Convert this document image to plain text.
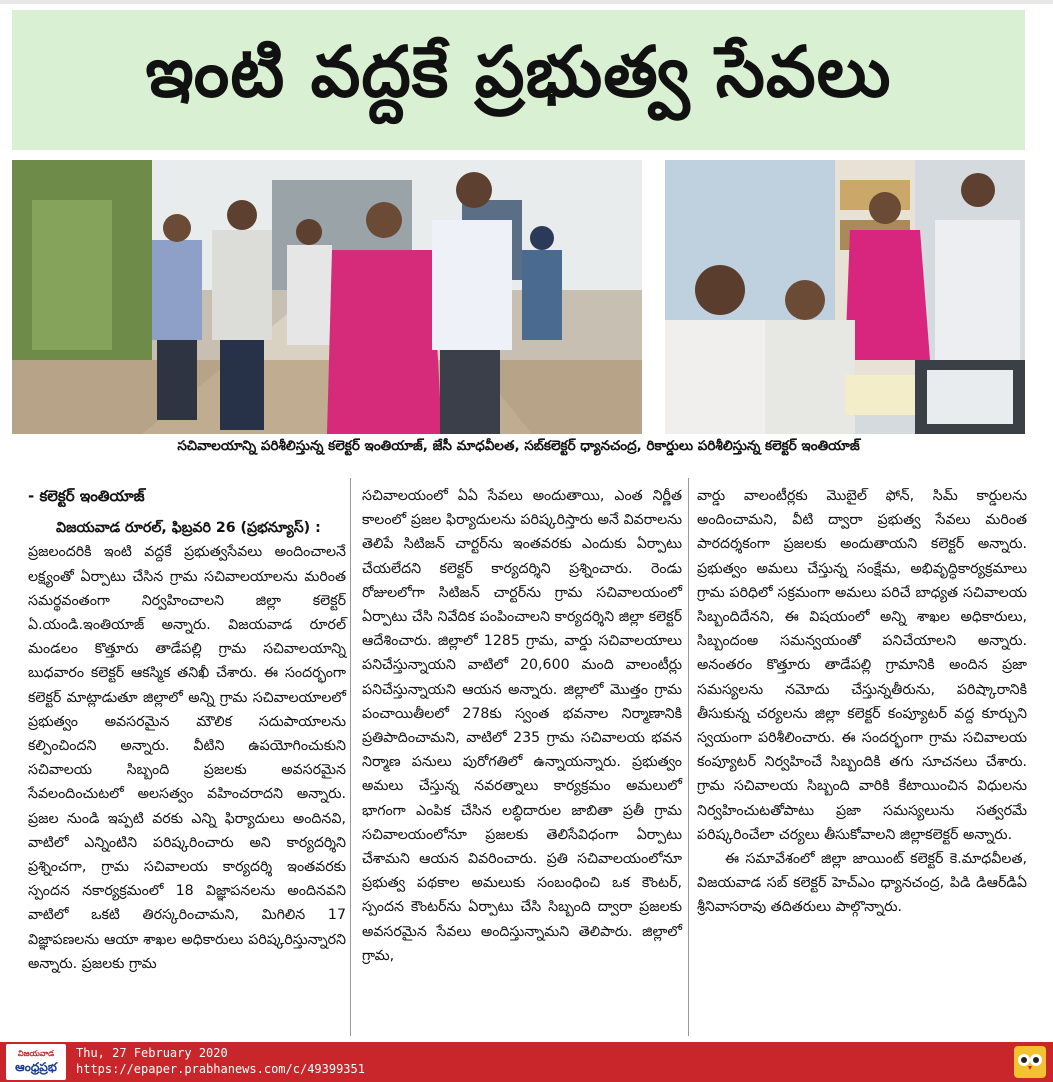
ఇంటి వద్దకే ప్రభుత్వ సేవలు
సచివాలయాన్ని పరిశీలిస్తున్న కలెక్టర్ ఇంతియాజ్, జేసీ మాధవీలత, సబ్‌కలెక్టర్ ధ్యానచంద్ర, రికార్డులు పరిశీలిస్తున్న కలెక్టర్ ఇంతియాజ్
- కలెక్టర్ ఇంతియాజ్
విజయవాడ రూరల్, ఫిబ్రవరి 26 (ప్రభన్యూస్) :

ప్రజలందరికి ఇంటి వద్దకే ప్రభుత్వసేవలు అందించాలనే లక్ష్యంతో ఏర్పాటు చేసిన గ్రామ సచివాలయాలను మరింత సమర్థవంతంగా నిర్వహించాలని జిల్లా కలెక్టర్ ఏ.యండి.ఇంతియాజ్ అన్నారు. విజయవాడ రూరల్ మండలం కొత్తూరు తాడేపల్లి గ్రామ సచివాలయాన్ని బుధవారం కలెక్టర్ ఆకస్మిక తనిఖీ చేశారు. ఈ సందర్భంగా కలెక్టర్ మాట్లాడుతూ జిల్లాలో అన్ని గ్రామ సచివాలయాలలో ప్రభుత్వం అవసరమైన మౌలిక సదుపాయాలను కల్పించిందని అన్నారు. వీటిని ఉపయోగించుకుని సచివాలయ సిబ్బంది ప్రజలకు అవసరమైన సేవలందించుటలో అలసత్వం వహించరాదని అన్నారు. ప్రజల నుండి ఇప్పటి వరకు ఎన్ని ఫిర్యాదులు అందినవి, వాటిలో ఎన్నింటిని పరిష్కరించారు అని కార్యదర్శిని ప్రశ్నించగా, గ్రామ సచివాలయ కార్యదర్శి ఇంతవరకు స్పందన నకార్యక్రమంలో 18 విజ్ఞాపనలను అందినవని వాటిలో ఒకటి తిరస్కరించామని, మిగిలిన 17 విజ్ఞాపణలను ఆయా శాఖల అధికారులు పరిష్కరిస్తున్నారని అన్నారు. ప్రజలకు గ్రామ

సచివాలయంలో ఏఏ సేవలు అందుతాయి, ఎంత నిర్ణీత కాలంలో ప్రజల ఫిర్యాదులను పరిష్కరిస్తారు అనే వివరాలను తెలిపే సిటిజన్ చార్టర్‌ను ఇంతవరకు ఎందుకు ఏర్పాటు చేయలేదని కలెక్టర్ కార్యదర్శిని ప్రశ్నించారు. రెండు రోజులలోగా సిటిజన్ చార్టర్‌ను గ్రామ సచివాలయంలో ఏర్పాటు చేసి నివేదిక పంపించాలని కార్యదర్శిని జిల్లా కలెక్టర్ ఆదేశించారు. జిల్లాలో 1285 గ్రామ, వార్డు సచివాలయాలు పనిచేస్తున్నాయని వాటిలో 20,600 మంది వాలంటీర్లు పనిచేస్తున్నాయని ఆయన అన్నారు. జిల్లాలో మొత్తం గ్రామ పంచాయితీలలో 278కు స్వంత భవనాల నిర్మాణానికి ప్రతిపాదించామని, వాటిలో 235 గ్రామ సచివాలయ భవన నిర్మాణ పనులు పురోగతిలో ఉన్నాయన్నారు. ప్రభుత్వం అమలు చేస్తున్న నవరత్నాలు కార్యక్రమం అమలులో భాగంగా ఎంపిక చేసిన లబ్ధిదారుల జాబితా ప్రతీ గ్రామ సచివాలయంలోనూ ప్రజలకు తెలిసేవిధంగా ఏర్పాటు చేశామని ఆయన వివరించారు. ప్రతి సచివాలయంలోనూ ప్రభుత్వ పథకాల అమలుకు సంబంధించి ఒక కౌంటర్, స్పందన కౌంటర్‌ను ఏర్పాటు చేసి సిబ్బంది ద్వారా ప్రజలకు అవసరమైన సేవలు అందిస్తున్నామని తెలిపారు. జిల్లాలో గ్రామ,

వార్డు వాలంటీర్లకు మొబైల్ ఫోన్, సిమ్ కార్డులను అందించామని, వీటి ద్వారా ప్రభుత్వ సేవలు మరింత పారదర్శకంగా ప్రజలకు అందుతాయని కలెక్టర్ అన్నారు. ప్రభుత్వం అమలు చేస్తున్న సంక్షేమ, అభివృద్ధికార్యక్రమాలు గ్రామ పరిధిలో సక్రమంగా అమలు పరిచే బాధ్యత సచివాలయ సిబ్బందిదేనని, ఈ విషయంలో అన్ని శాఖల అధికారులు, సిబ్బందంఅ సమన్వయంతో పనిచేయాలని అన్నారు. అనంతరం కొత్తూరు తాడేపల్లి గ్రామానికి అందిన ప్రజా సమస్యలను నమోదు చేస్తున్నతీరును, పరిష్కారానికి తీసుకున్న చర్యలను జిల్లా కలెక్టర్ కంప్యూటర్ వద్ద కూర్చుని స్వయంగా పరిశీలించారు. ఈ సందర్భంగా గ్రామ సచివాలయ కంప్యూటర్ నిర్వహించే సిబ్బందికి తగు సూచనలు చేశారు. గ్రామ సచివాలయ సిబ్బంది వారికి కేటాయించిన విధులను నిర్వహించుటతోపాటు ప్రజా సమస్యలును సత్వరమే పరిష్కరించేలా చర్యలు తీసుకోవాలని జిల్లాకలెక్టర్ అన్నారు.

ఈ సమావేశంలో జిల్లా జాయింట్ కలెక్టర్ కె.మాధవీలత, విజయవాడ సబ్ కలెక్టర్ హెచ్‌ఎం ధ్యానచంద్ర, పిడి డిఆర్‌డిఏ శ్రీనివాసరావు తదితరులు పాల్గొన్నారు.

విజయవాడ
ఆంధ్రప్రభ
Thu, 27 February 2020
https://epaper.prabhanews.com/c/49399351
